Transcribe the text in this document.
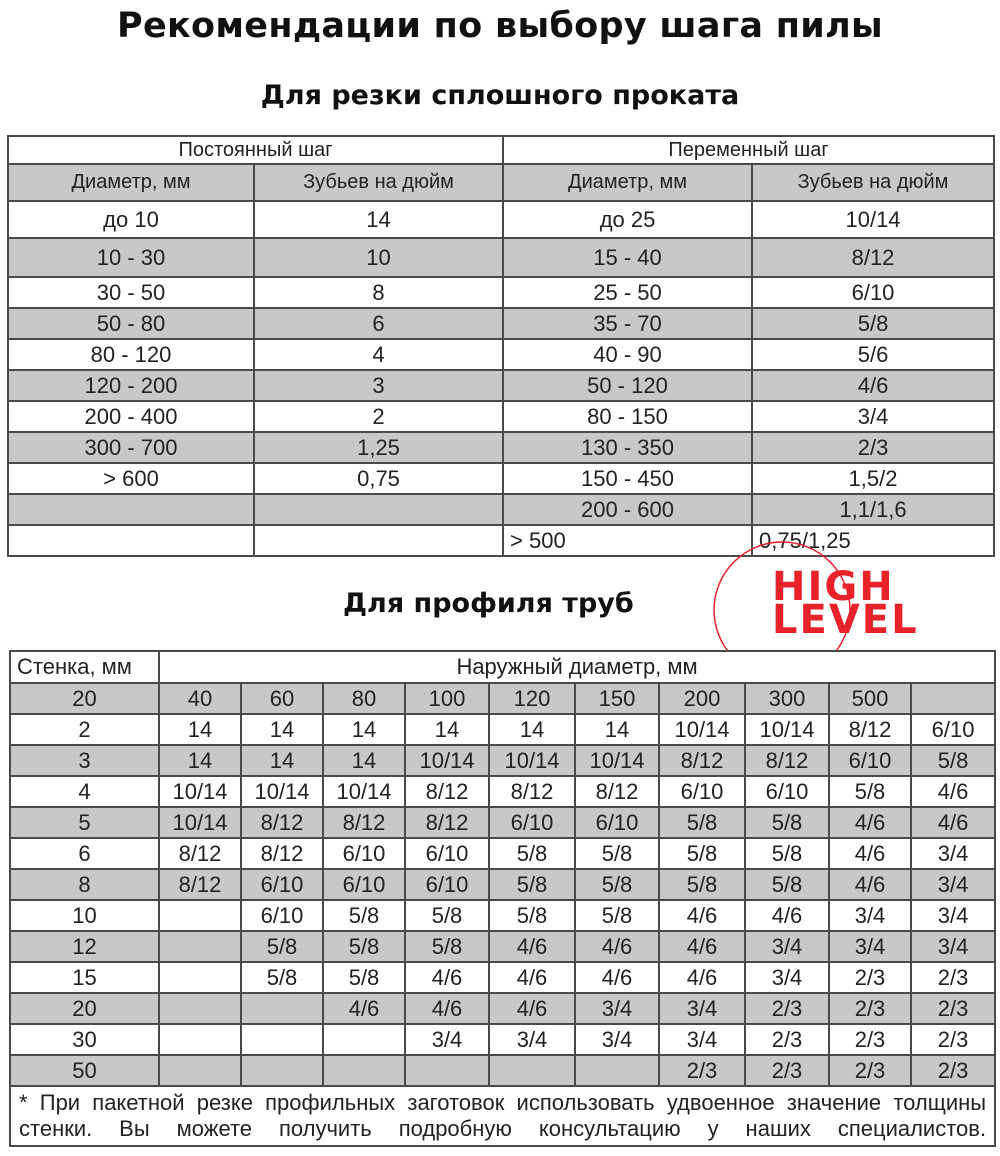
Рекомендации по выбору шага пилы
Для резки сплошного проката
Постоянный шаг		Переменный шаг	
Диаметр, мм	Зубьев на дюйм	Диаметр, мм	Зубьев на дюйм
до 10	14	до 25	10/14
10 - 30	10	15 - 40	8/12
30 - 50	8	25 - 50	6/10
50 - 80	6	35 - 70	5/8
80 - 120	4	40 - 90	5/6
120 - 200	3	50 - 120	4/6
200 - 400	2	80 - 150	3/4
300 - 700	1,25	130 - 350	2/3
> 600	0,75	150 - 450	1,5/2
		200 - 600	1,1/1,6
		> 500	0,75/1,25
Для профиля труб	HIGH
LEVEL
Стенка, мм	Наружный диаметр, мм									
20	40	60	80	100	120	150	200	300	500	
2	14	14	14	14	14	14	10/14	10/14	8/12	6/10
3	14	14	14	10/14	10/14	10/14	8/12	8/12	6/10	5/8
4	10/14	10/14	10/14	8/12	8/12	8/12	6/10	6/10	5/8	4/6
5	10/14	8/12	8/12	8/12	6/10	6/10	5/8	5/8	4/6	4/6
6	8/12	8/12	6/10	6/10	5/8	5/8	5/8	5/8	4/6	3/4
8	8/12	6/10	6/10	6/10	5/8	5/8	5/8	5/8	4/6	3/4
10		6/10	5/8	5/8	5/8	5/8	4/6	4/6	3/4	3/4
12		5/8	5/8	5/8	4/6	4/6	4/6	3/4	3/4	3/4
15		5/8	5/8	4/6	4/6	4/6	4/6	3/4	2/3	2/3
20			4/6	4/6	4/6	3/4	3/4	2/3	2/3	2/3
30				3/4	3/4	3/4	3/4	2/3	2/3	2/3
50							2/3	2/3	2/3	2/3
* При пакетной резке профильных заготовок использовать удвоенное значение толщины стенки. Вы можете получить подробную консультацию у наших специалистов.										
